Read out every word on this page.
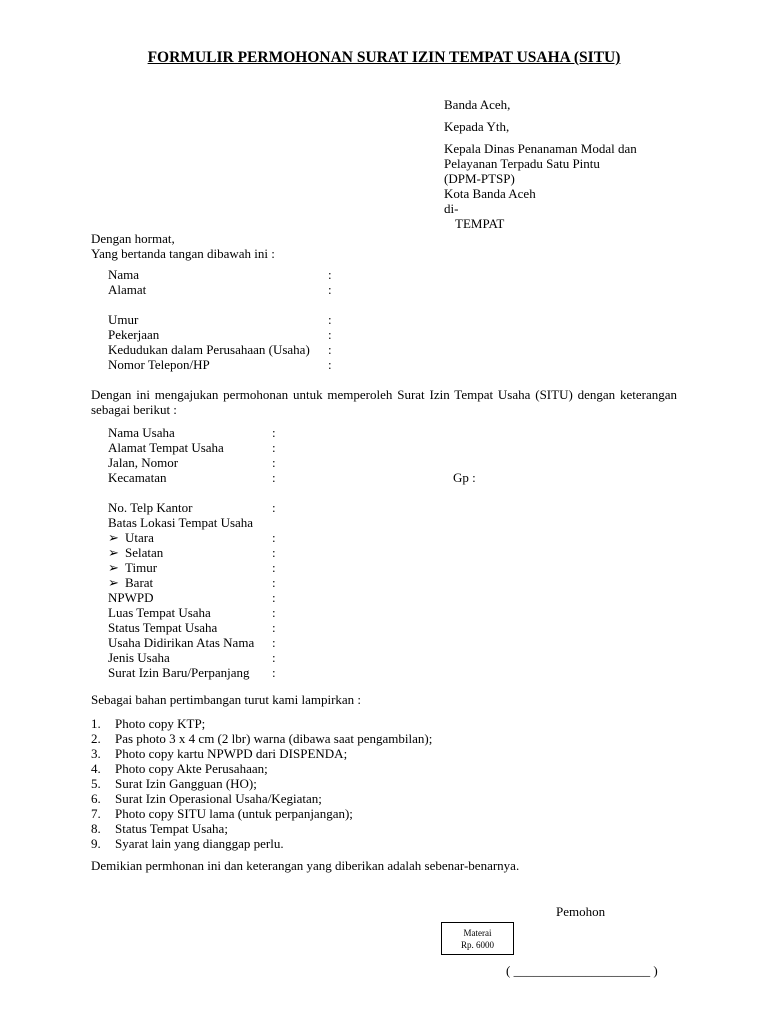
FORMULIR PERMOHONAN SURAT IZIN TEMPAT USAHA (SITU)
Banda Aceh,
Kepada Yth,
Kepala Dinas Penanaman Modal dan
Pelayanan Terpadu Satu Pintu
(DPM-PTSP)
Kota Banda Aceh
di-
TEMPAT
Dengan hormat,
Yang bertanda tangan dibawah ini :
Nama	:
Alamat	:
Umur	:
Pekerjaan	:
Kedudukan dalam Perusahaan (Usaha) :
Nomor Telepon/HP	:
Dengan ini mengajukan permohonan untuk memperoleh Surat Izin Tempat Usaha (SITU) dengan keterangan sebagai berikut :
Nama Usaha	:
Alamat Tempat Usaha	:
Jalan, Nomor	:
Kecamatan	:	Gp :
No. Telp Kantor	:
Batas Lokasi Tempat Usaha
➢ Utara	:
➢ Selatan	:
➢ Timur	:
➢ Barat	:
NPWPD	:
Luas Tempat Usaha	:
Status Tempat Usaha	:
Usaha Didirikan Atas Nama :
Jenis Usaha	:
Surat Izin Baru/Perpanjang :
Sebagai bahan pertimbangan turut kami lampirkan :
1. Photo copy KTP;
2. Pas photo 3 x 4 cm (2 lbr) warna (dibawa saat pengambilan);
3. Photo copy kartu NPWPD dari DISPENDA;
4. Photo copy Akte Perusahaan;
5. Surat Izin Gangguan (HO);
6. Surat Izin Operasional Usaha/Kegiatan;
7. Photo copy SITU lama (untuk perpanjangan);
8. Status Tempat Usaha;
9. Syarat lain yang dianggap perlu.
Demikian permhonan ini dan keterangan yang diberikan adalah sebenar-benarnya.
Pemohon
Materai
Rp. 6000
( _____________________ )
